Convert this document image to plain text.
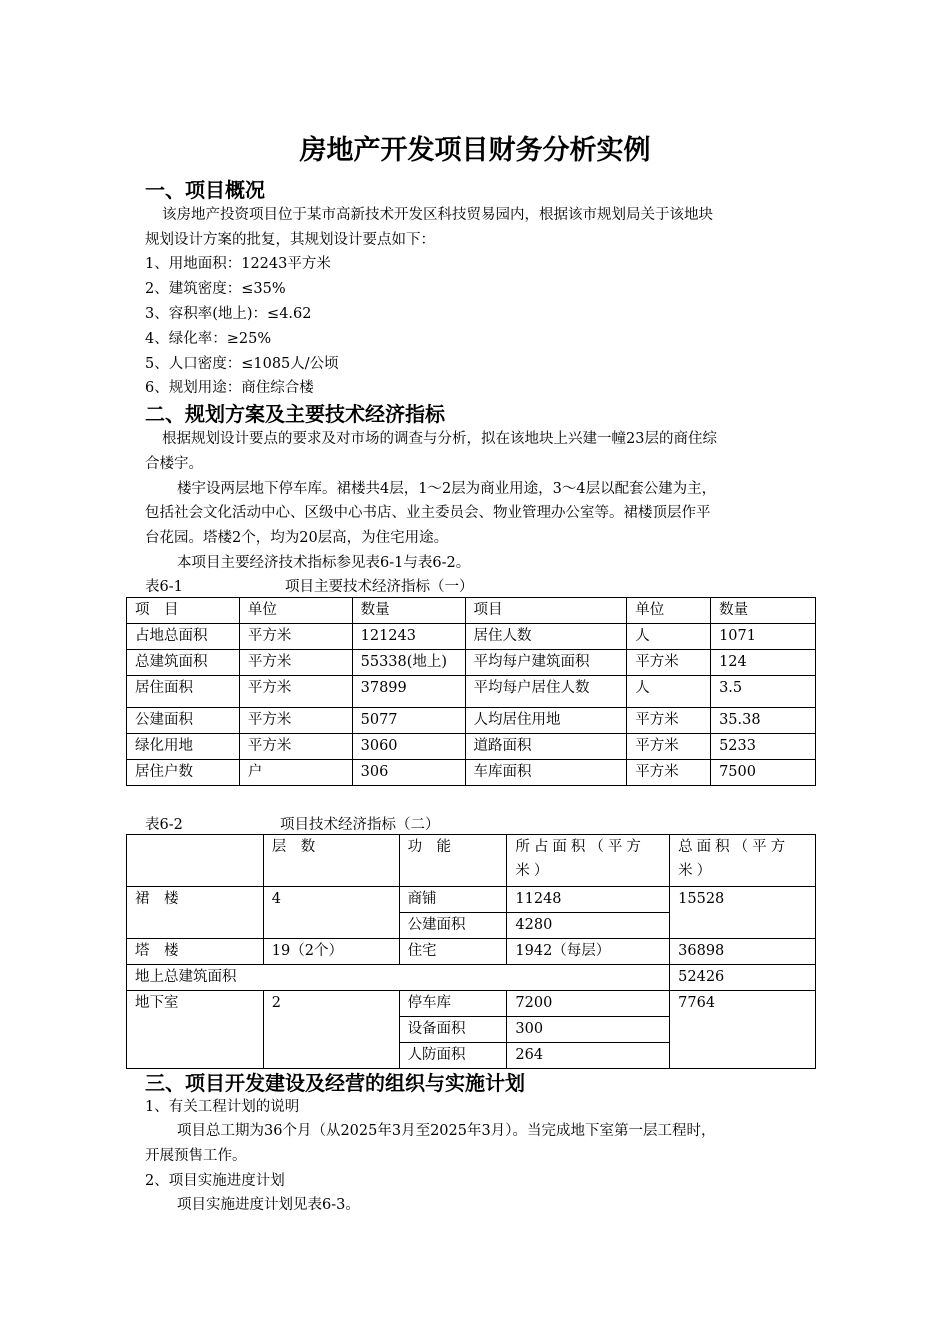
房地产开发项目财务分析实例
一、项目概况
该房地产投资项目位于某市高新技术开发区科技贸易园内，根据该市规划局关于该地块
规划设计方案的批复，其规划设计要点如下：
1、用地面积：12243平方米
2、建筑密度：≤35%
3、容积率(地上)：≤4.62
4、绿化率：≥25%
5、人口密度：≤1085人/公顷
6、规划用途：商住综合楼
二、规划方案及主要技术经济指标
根据规划设计要点的要求及对市场的调查与分析，拟在该地块上兴建一幢23层的商住综
合楼宇。
楼宇设两层地下停车库。裙楼共4层，1～2层为商业用途，3～4层以配套公建为主，
包括社会文化活动中心、区级中心书店、业主委员会、物业管理办公室等。裙楼顶层作平
台花园。塔楼2个，均为20层高，为住宅用途。
本项目主要经济技术指标参见表6-1与表6-2。
表6-1	项目主要技术经济指标（一）
项　目	单位	数量	项目	单位	数量
占地总面积	平方米	121243	居住人数	人	1071
总建筑面积	平方米	55338(地上)	平均每户建筑面积	平方米	124
居住面积	平方米	37899	平均每户居住人数	人	3.5
公建面积	平方米	5077	人均居住用地	平方米	35.38
绿化用地	平方米	3060	道路面积	平方米	5233
居住户数	户	306	车库面积	平方米	7500
表6-2	项目技术经济指标（二）
	层　数	功　能	所占面积（平方米）	总面积（平方米）
裙　楼	4	商铺	11248	15528
		公建面积	4280	
塔　楼	19（2个）	住宅	1942（每层）	36898
地上总建筑面积				52426
地下室	2	停车库	7200	7764
		设备面积	300	
		人防面积	264	
三、项目开发建设及经营的组织与实施计划
1、有关工程计划的说明
项目总工期为36个月（从2025年3月至2025年3月）。当完成地下室第一层工程时，
开展预售工作。
2、项目实施进度计划
项目实施进度计划见表6-3。
